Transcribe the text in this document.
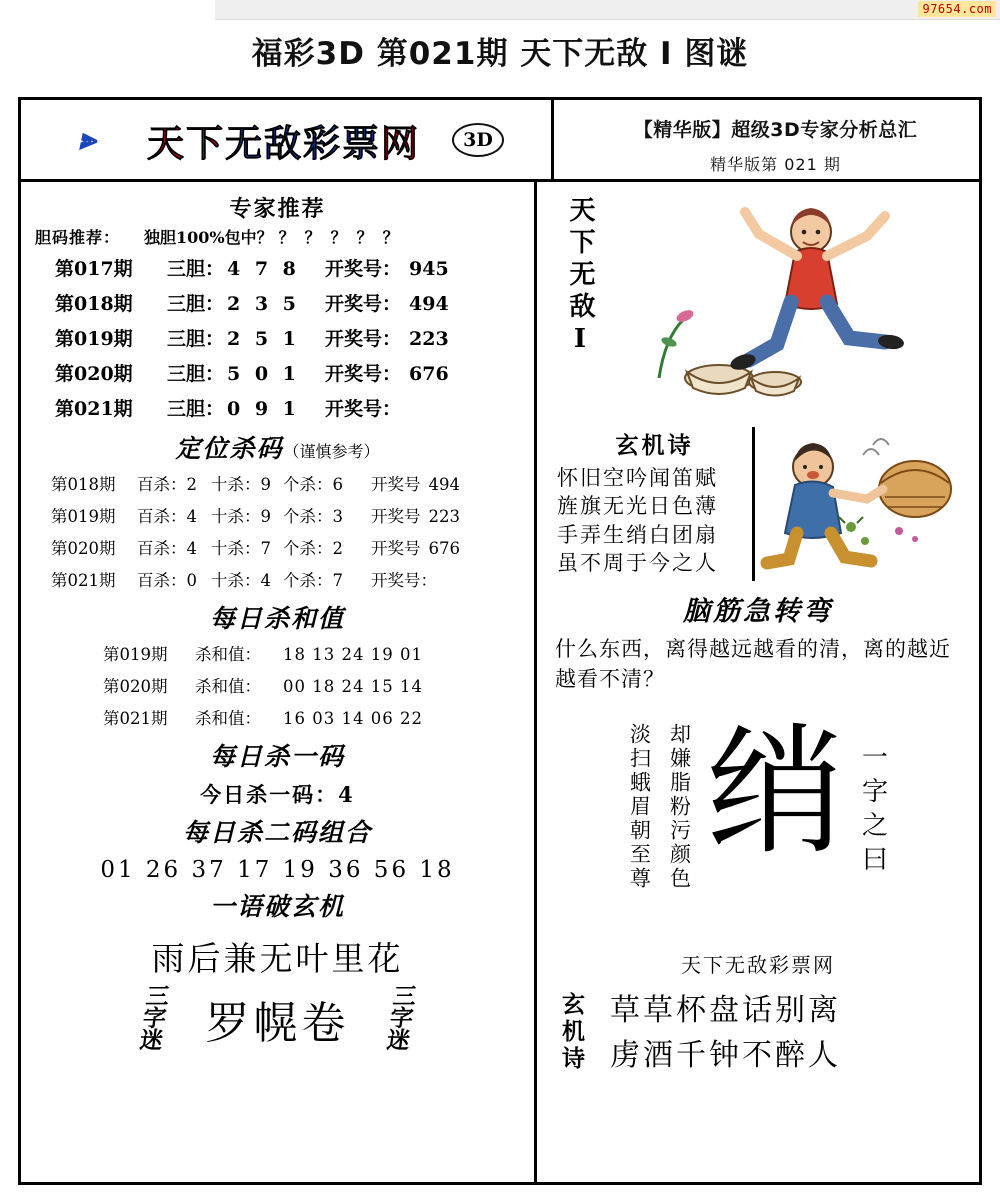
97654.com
福彩3D 第021期 天下无敌 Ⅰ 图谜
⫸ 天下无敌彩票网	3D	【精华版】超级3D专家分析总汇
精华版第 021 期
专家推荐
胆码推荐： 独胆100%包中？ ？？？？？
第017期	三胆： 4 7 8	开奖号： 945
第018期	三胆： 2 3 5	开奖号： 494
第019期	三胆： 2 5 1	开奖号： 223
第020期	三胆： 5 0 1	开奖号： 676
第021期	三胆： 0 9 1	开奖号：
定位杀码（谨慎参考）
第018期	百杀：2 十杀：9 个杀：6	开奖号 494
第019期	百杀：4 十杀：9 个杀：3	开奖号 223
第020期	百杀：4 十杀：7 个杀：2	开奖号 676
第021期	百杀：0 十杀：4 个杀：7	开奖号：
每日杀和值
第019期	杀和值：	18 13 24 19 01
第020期	杀和值：	00 18 24 15 14
第021期	杀和值：	16 03 14 06 22
每日杀一码
今日杀一码：4
每日杀二码组合
01 26 37 17 19 36 56 18
一语破玄机
雨后兼无叶里花
三
字
迷 罗幌卷
三
字
迷
天下无敌Ⅰ
玄机诗
怀旧空吟闻笛赋
旌旗无光日色薄
手弄生绡白团扇
虽不周于今之人
脑筋急转弯
什么东西，离得越远越看的清，离的越近越看不清？
淡扫蛾眉朝至尊 却嫌脂粉污颜色 绡 一字之曰
天下无敌彩票网
玄机诗 草草杯盘话别离
虏酒千钟不醉人
